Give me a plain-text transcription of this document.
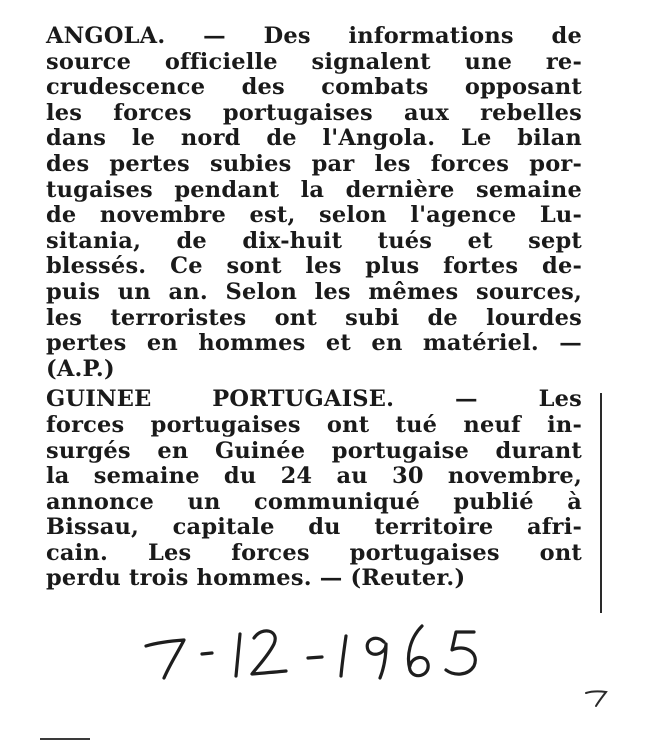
ANGOLA. — Des informations de
source officielle signalent une re-
crudescence des combats opposant
les forces portugaises aux rebelles
dans le nord de l'Angola. Le bilan
des pertes subies par les forces por-
tugaises pendant la dernière semaine
de novembre est, selon l'agence Lu-
sitania, de dix-huit tués et sept
blessés. Ce sont les plus fortes de-
puis un an. Selon les mêmes sources,
les terroristes ont subi de lourdes
pertes en hommes et en matériel. —
(A.P.)
GUINEE PORTUGAISE. — Les
forces portugaises ont tué neuf in-
surgés en Guinée portugaise durant
la semaine du 24 au 30 novembre,
annonce un communiqué publié à
Bissau, capitale du territoire afri-
cain. Les forces portugaises ont
perdu trois hommes. — (Reuter.)
